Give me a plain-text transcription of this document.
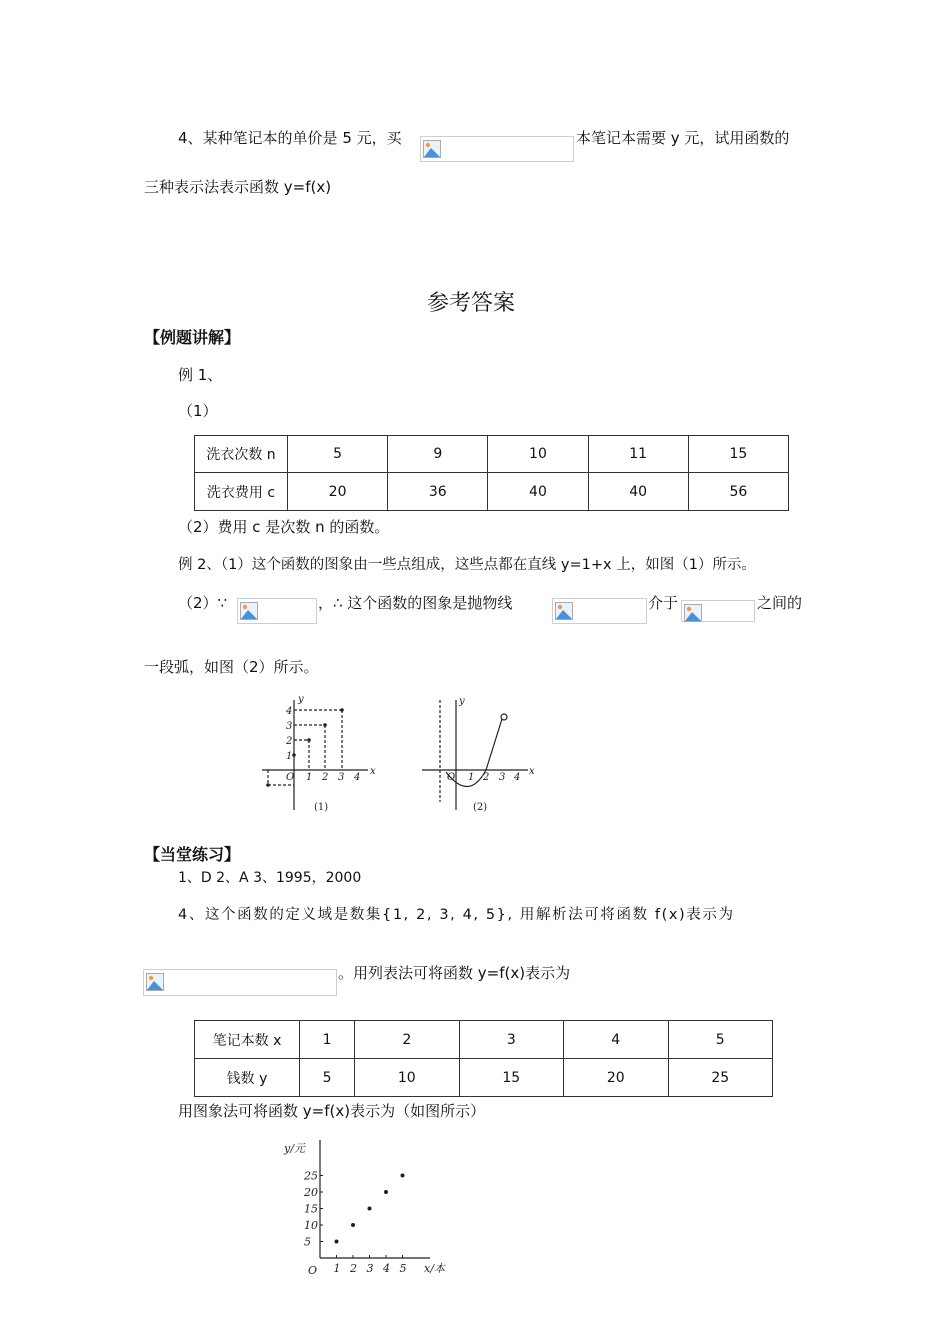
4、某种笔记本的单价是 5 元，买	本笔记本需要 y 元，试用函数的
三种表示法表示函数 y=f(x)
参考答案
【例题讲解】
例 1、
（1）
洗衣次数 n	5	9	10	11	15
洗衣费用 c	20	36	40	40	56
（2）费用 c 是次数 n 的函数。
例 2、（1）这个函数的图象由一些点组成，这些点都在直线 y=1+x 上，如图（1）所示。
（2）∵	，∴ 这个函数的图象是抛物线	介于	之间的
一段弧，如图（2）所示。
y
x
O
4
3
2
1
1 2 3 4
(1)
y
x
O 1 2 3 4
(2)
【当堂练习】
1、D 2、A 3、1995，2000
4、这个函数的定义域是数集{1, 2, 3, 4, 5}, 用解析法可将函数 f(x)表示为
。用列表法可将函数 y=f(x)表示为
笔记本数 x	1	2	3	4	5
钱数 y	5	10	15	20	25
用图象法可将函数 y=f(x)表示为（如图所示）
y/元
x/本
O 1 2 3 4 5
25
20
15
10
5
